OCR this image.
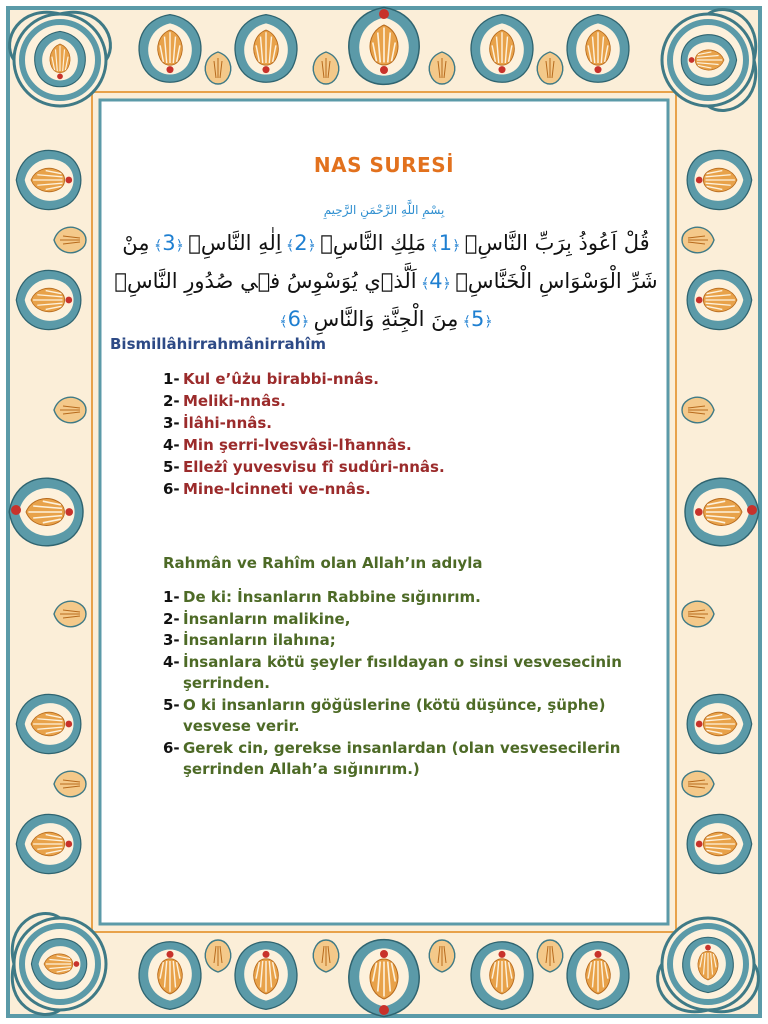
NAS SURESİ
بِسْمِ اللَّهِ الرَّحْمَنِ الرَّحِيمِ
قُلْ اَعُوذُ بِرَبِّ النَّاسِۙ ﴿1﴾ مَلِكِ النَّاسِۙ ﴿2﴾ اِلٰهِ النَّاسِۙ ﴿3﴾ مِنْ
شَرِّ الْوَسْوَاسِ الْخَنَّاسِۙ ﴿4﴾ اَلَّذ۪ي يُوَسْوِسُ ف۪ي صُدُورِ النَّاسِۙ
﴿5﴾ مِنَ الْجِنَّةِ وَالنَّاسِ ﴿6﴾
Bismillâhirrahmânirrahîm
1- Kul e’ûżu birabbi-nnâs.
2- Meliki-nnâs.
3- İlâhi-nnâs.
4- Min şerri-lvesvâsi-lħannâs.
5- Elleżî yuvesvisu fî sudûri-nnâs.
6- Mine-lcinneti ve-nnâs.
Rahmân ve Rahîm olan Allah’ın adıyla
1- De ki: İnsanların Rabbine sığınırım.
2- İnsanların malikine,
3- İnsanların ilahına;
4- İnsanlara kötü şeyler fısıldayan o sinsi vesvesecinin şerrinden.
5- O ki insanların göğüslerine (kötü düşünce, şüphe) vesvese verir.
6- Gerek cin, gerekse insanlardan (olan vesvesecilerin şerrinden Allah’a sığınırım.)
